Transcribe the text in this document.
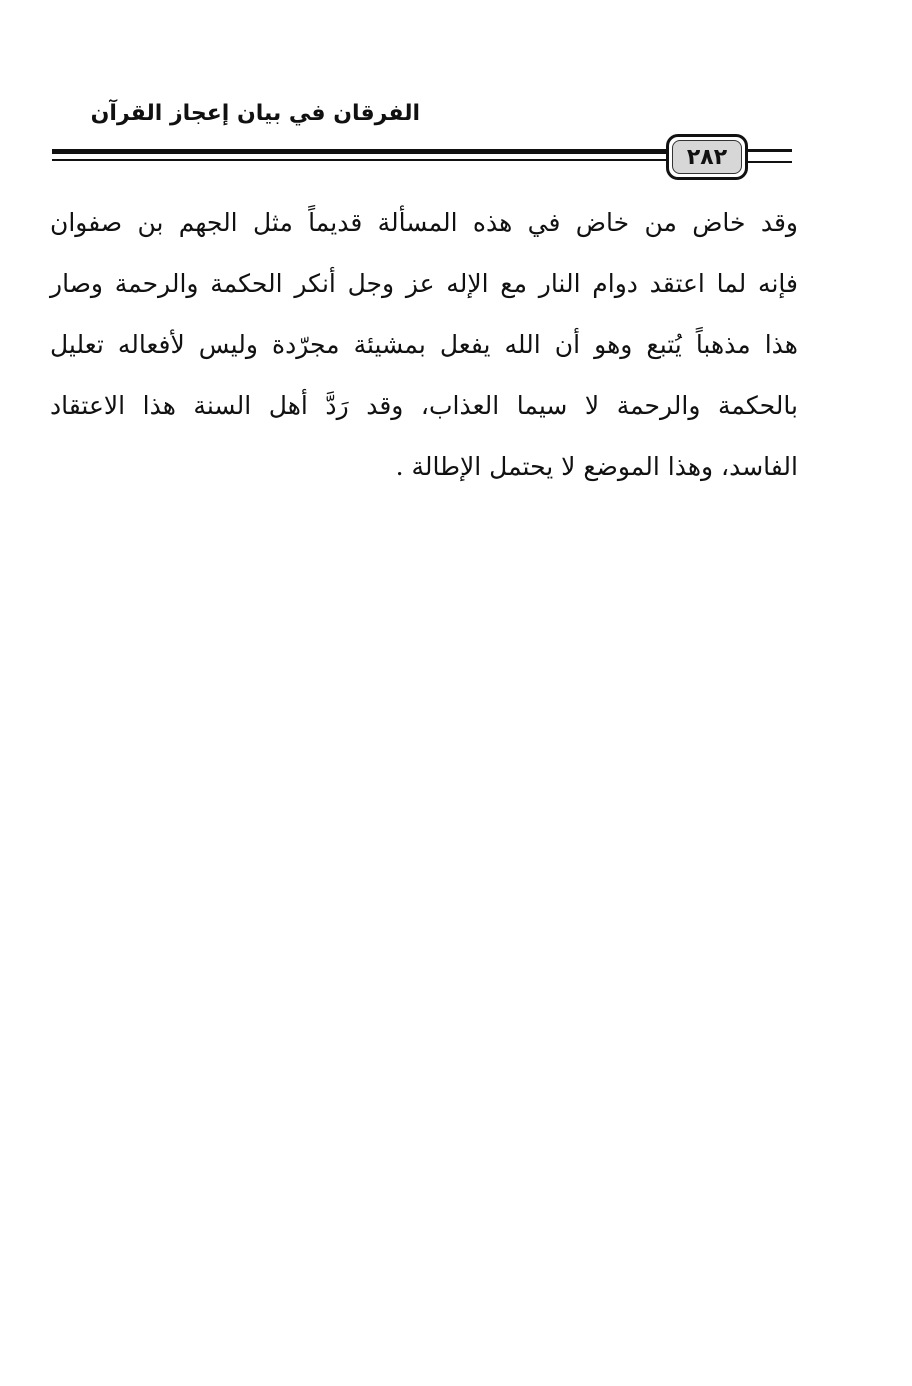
الفرقان في بيان إعجاز القرآن
٢٨٢
وقد خاض من خاض في هذه المسألة قديماً مثل الجهم بن صفوان
فإنه لما اعتقد دوام النار مع الإله عز وجل أنكر الحكمة والرحمة وصار
هذا مذهباً يُتبع وهو أن الله يفعل بمشيئة مجرّدة وليس لأفعاله تعليل
بالحكمة والرحمة لا سيما العذاب، وقد رَدَّ أهل السنة هذا الاعتقاد
الفاسد، وهذا الموضع لا يحتمل الإطالة .
